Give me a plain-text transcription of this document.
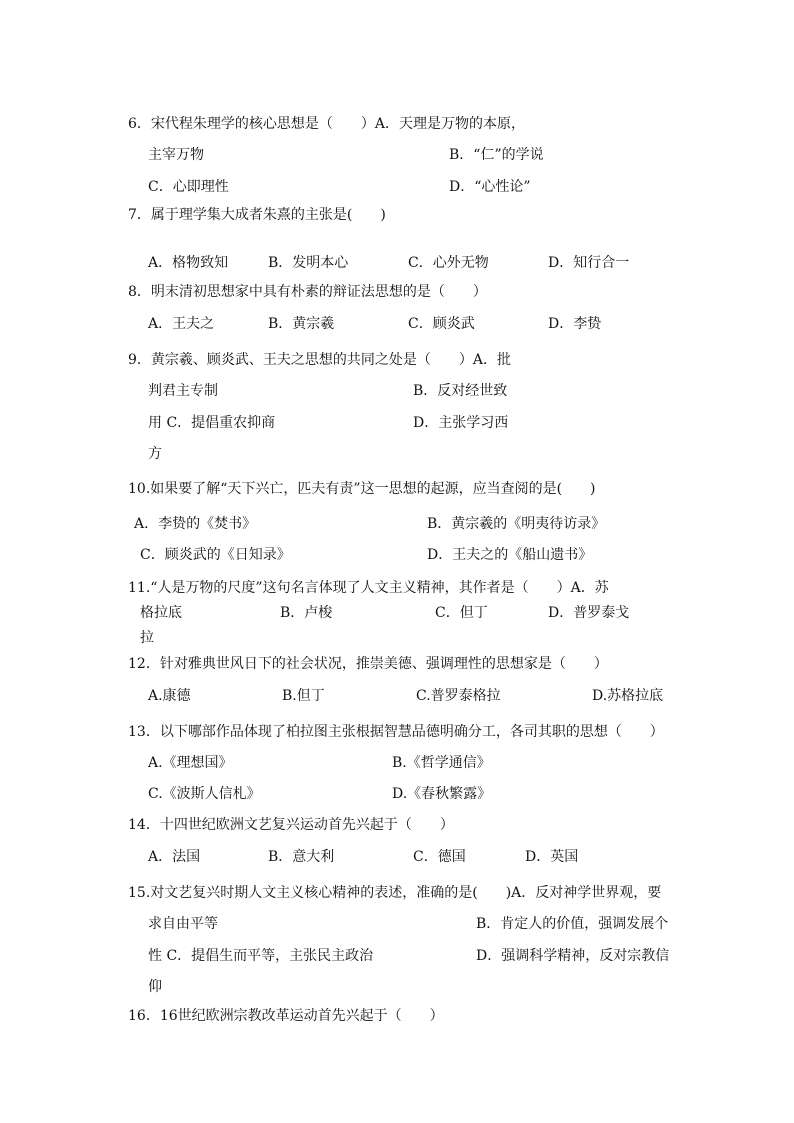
6．宋代程朱理学的核心思想是（　　）A．天理是万物的本原，
主宰万物	B．“仁”的学说
C．心即理性	D．“心性论”
7．属于理学集大成者朱熹的主张是(　　)
A．格物致知	B．发明本心	C．心外无物	D．知行合一
8．明末清初思想家中具有朴素的辩证法思想的是（　　）
A．王夫之	B．黄宗羲	C．顾炎武	D．李贽
9．黄宗羲、顾炎武、王夫之思想的共同之处是（　　）A．批
判君主专制	B．反对经世致
用 C．提倡重农抑商	D．主张学习西
方
10.如果要了解“天下兴亡，匹夫有责”这一思想的起源，应当查阅的是(　　)
A．李贽的《焚书》	B．黄宗羲的《明夷待访录》
C．顾炎武的《日知录》	D．王夫之的《船山遗书》
11.“人是万物的尺度”这句名言体现了人文主义精神，其作者是（　　）A．苏
格拉底	B．卢梭	C．但丁	D．普罗泰戈
拉
12．针对雅典世风日下的社会状况，推崇美德、强调理性的思想家是（　　）
A.康德	B.但丁	C.普罗泰格拉	D.苏格拉底
13．以下哪部作品体现了柏拉图主张根据智慧品德明确分工，各司其职的思想（　　）
A.《理想国》	B.《哲学通信》
C.《波斯人信札》	D.《春秋繁露》
14．十四世纪欧洲文艺复兴运动首先兴起于（　　）
A．法国	B．意大利	C．德国	D．英国
15.对文艺复兴时期人文主义核心精神的表述，准确的是(　　)A．反对神学世界观，要
求自由平等	B．肯定人的价值，强调发展个
性 C．提倡生而平等，主张民主政治	D．强调科学精神，反对宗教信
仰
16．16世纪欧洲宗教改革运动首先兴起于（　　）
